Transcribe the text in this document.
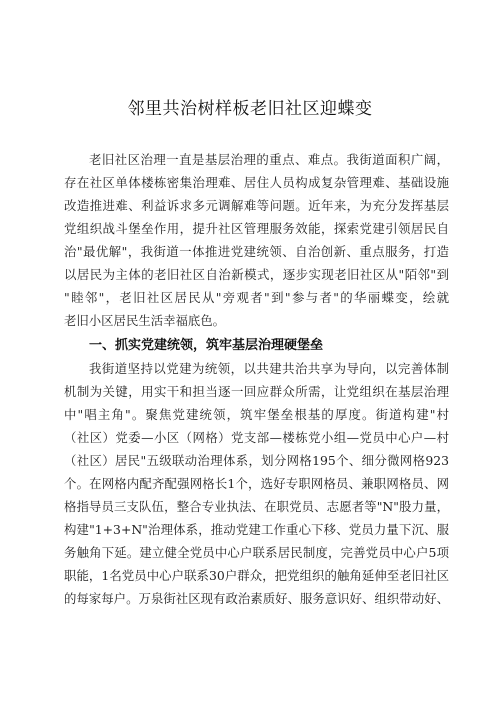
邻里共治树样板老旧社区迎蝶变
老旧社区治理一直是基层治理的重点、难点。我街道面积广阔，
存在社区单体楼栋密集治理难、居住人员构成复杂管理难、基础设施
改造推进难、利益诉求多元调解难等问题。近年来，为充分发挥基层
党组织战斗堡垒作用，提升社区管理服务效能，探索党建引领居民自
治"最优解"，我街道一体推进党建统领、自治创新、重点服务，打造
以居民为主体的老旧社区自治新模式，逐步实现老旧社区从"陌邻"到
"睦邻"，老旧社区居民从"旁观者"到"参与者"的华丽蝶变，绘就
老旧小区居民生活幸福底色。
一、抓实党建统领，筑牢基层治理硬堡垒
我街道坚持以党建为统领，以共建共治共享为导向，以完善体制
机制为关键，用实干和担当逐一回应群众所需，让党组织在基层治理
中"唱主角"。聚焦党建统领，筑牢堡垒根基的厚度。街道构建"村
（社区）党委—小区（网格）党支部—楼栋党小组—党员中心户—村
（社区）居民"五级联动治理体系，划分网格195个、细分微网格923
个。在网格内配齐配强网格长1个，选好专职网格员、兼职网格员、网
格指导员三支队伍，整合专业执法、在职党员、志愿者等"N"股力量，
构建"1+3+N"治理体系，推动党建工作重心下移、党员力量下沉、服
务触角下延。建立健全党员中心户联系居民制度，完善党员中心户5项
职能，1名党员中心户联系30户群众，把党组织的触角延伸至老旧社区
的每家每户。万泉街社区现有政治素质好、服务意识好、组织带动好、
